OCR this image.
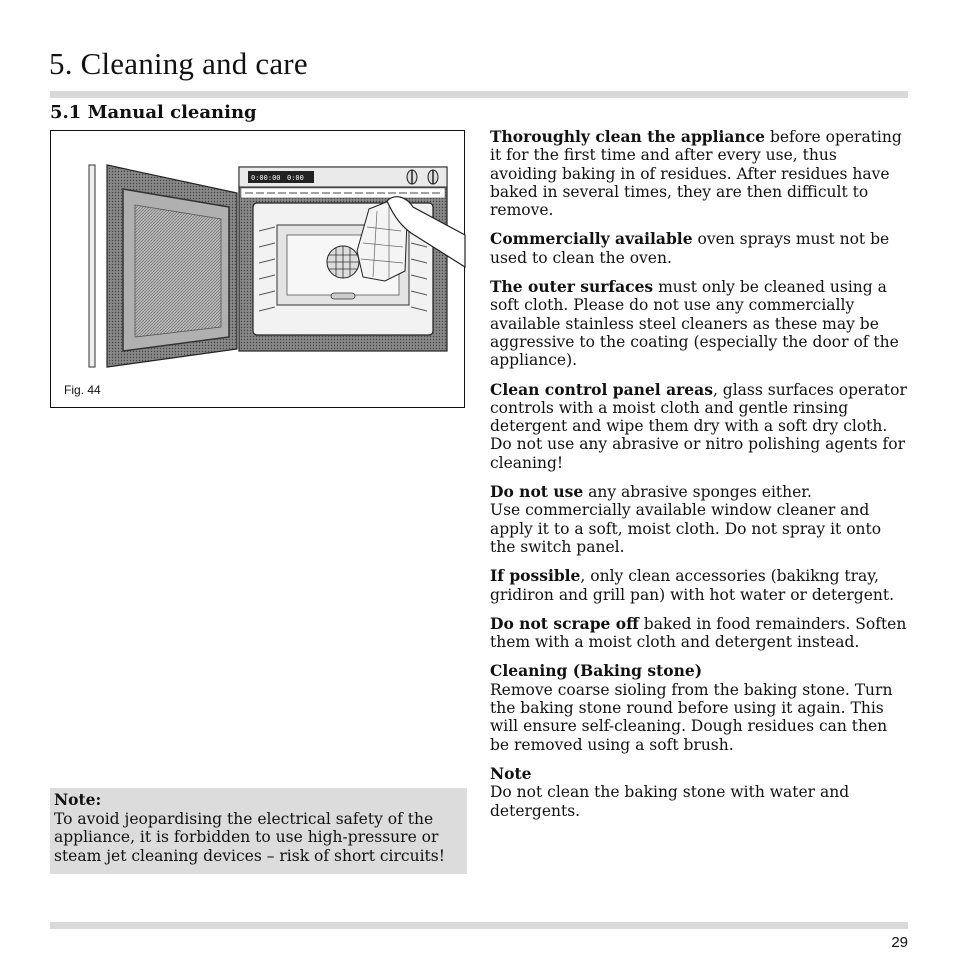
5. Cleaning and care
5.1 Manual cleaning
0:00:00 0:00
Fig. 44
Note:
To avoid jeopardising the electrical safety of the appliance, it is forbidden to use high-pressure or steam jet cleaning devices – risk of short circuits!

Thoroughly clean the appliance before operating it for the first time and after every use, thus avoiding baking in of residues. After residues have baked in several times, they are then difficult to remove.

Commercially available oven sprays must not be used to clean the oven.

The outer surfaces must only be cleaned using a soft cloth. Please do not use any commercially available stainless steel cleaners as these may be aggressive to the coating (especially the door of the appliance).

Clean control panel areas, glass surfaces operator controls with a moist cloth and gentle rinsing detergent and wipe them dry with a soft dry cloth. Do not use any abrasive or nitro polishing agents for cleaning!

Do not use any abrasive sponges either.
Use commercially available window cleaner and apply it to a soft, moist cloth. Do not spray it onto the switch panel.

If possible, only clean accessories (bakikng tray, gridiron and grill pan) with hot water or detergent.

Do not scrape off baked in food remainders. Soften them with a moist cloth and detergent instead.

Cleaning (Baking stone)
Remove coarse sioling from the baking stone. Turn the baking stone round before using it again. This will ensure self-cleaning. Dough residues can then be removed using a soft brush.

Note
Do not clean the baking stone with water and detergents.

29
